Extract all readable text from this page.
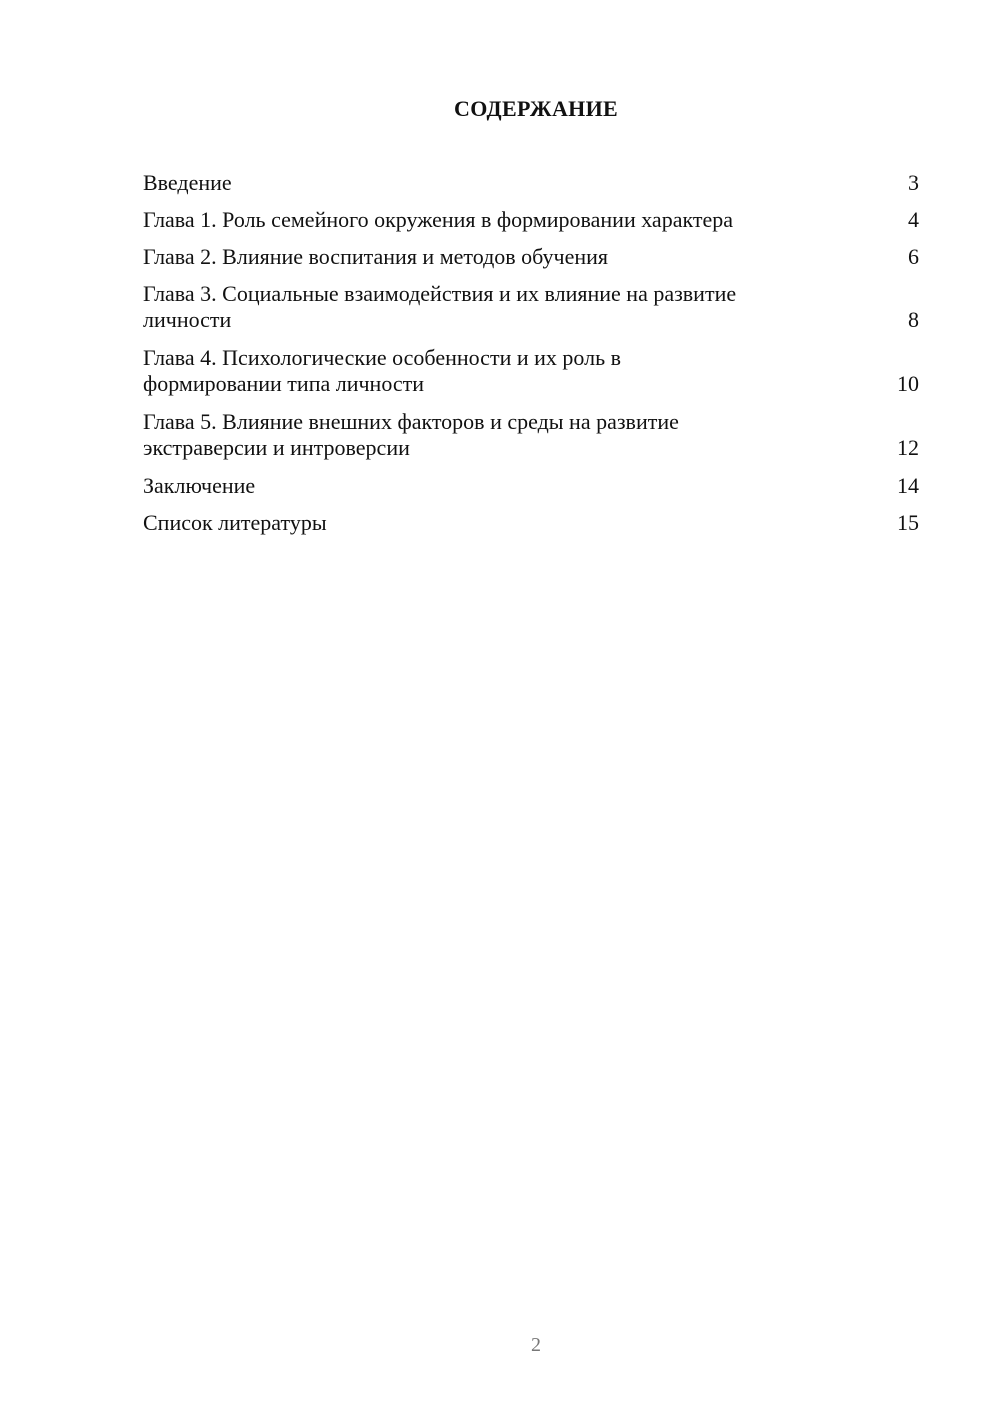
СОДЕРЖАНИЕ
Введение	3
Глава 1. Роль семейного окружения в формировании характера	4
Глава 2. Влияние воспитания и методов обучения	6
Глава 3. Социальные взаимодействия и их влияние на развитие
личности	8
Глава 4. Психологические особенности и их роль в
формировании типа личности	10
Глава 5. Влияние внешних факторов и среды на развитие
экстраверсии и интроверсии	12
Заключение	14
Список литературы	15
2
